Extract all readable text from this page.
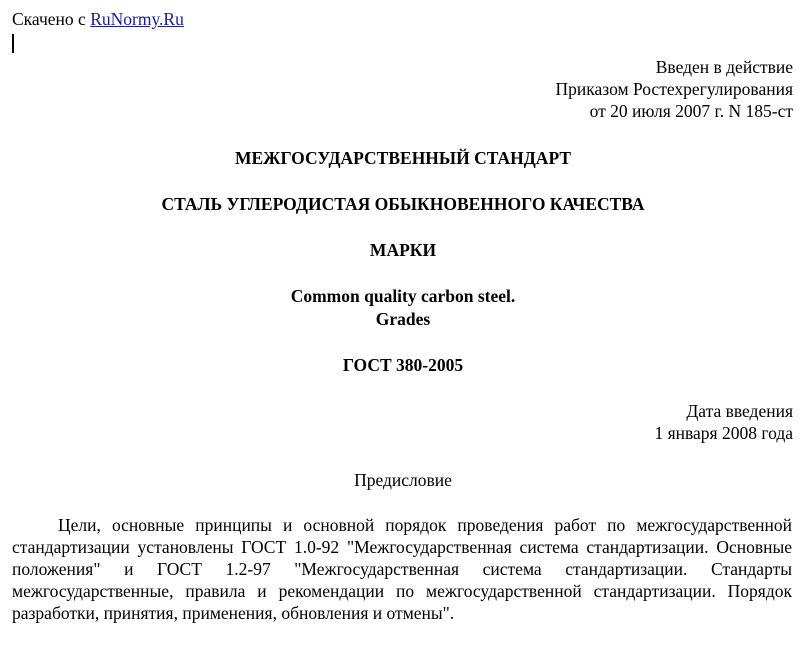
Скачено с RuNormy.Ru
Введен в действие
Приказом Ростехрегулирования
от 20 июля 2007 г. N 185-ст
МЕЖГОСУДАРСТВЕННЫЙ СТАНДАРТ
СТАЛЬ УГЛЕРОДИСТАЯ ОБЫКНОВЕННОГО КАЧЕСТВА
МАРКИ
Common quality carbon steel.
Grades
ГОСТ 380-2005
Дата введения
1 января 2008 года
Предисловие
Цели, основные принципы и основной порядок проведения работ по межгосударственной стандартизации установлены ГОСТ 1.0-92 "Межгосударственная система стандартизации. Основные положения" и ГОСТ 1.2-97 "Межгосударственная система стандартизации. Стандарты межгосударственные, правила и рекомендации по межгосударственной стандартизации. Порядок разработки, принятия, применения, обновления и отмены".
